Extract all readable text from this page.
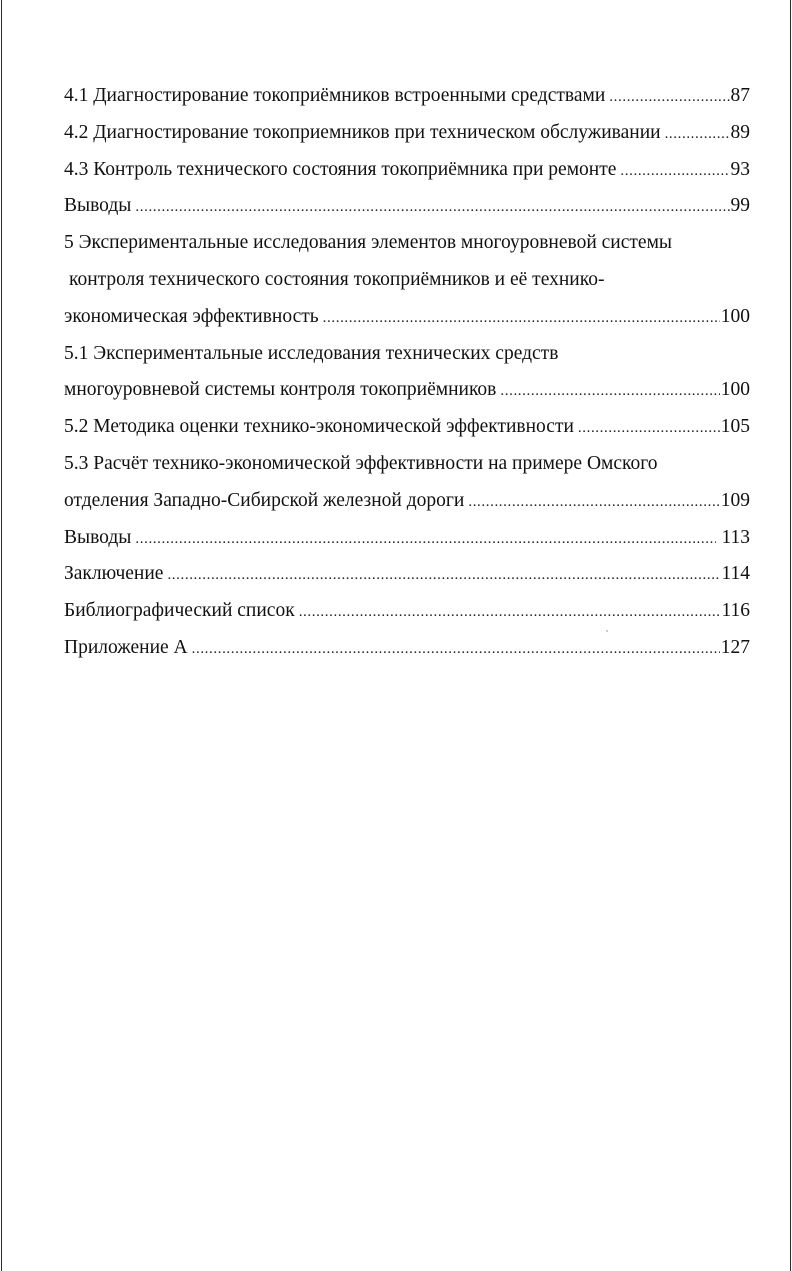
4.1 Диагностирование токоприёмников встроенными средствами .....	87
4.2 Диагностирование токоприемников при техническом обслуживании .....	89
4.3 Контроль технического состояния токоприёмника при ремонте .....	93
Выводы .....	99
5 Экспериментальные исследования элементов многоуровневой системы
контроля технического состояния токоприёмников и её технико-
экономическая эффективность .....	100
5.1 Экспериментальные исследования технических средств
многоуровневой системы контроля токоприёмников .....	100
5.2 Методика оценки технико-экономической эффективности .....	105
5.3 Расчёт технико-экономической эффективности на примере Омского
отделения Западно-Сибирской железной дороги .....	109
Выводы .....	113
Заключение .....	114
Библиографический список .....	116
Приложение А .....	127
